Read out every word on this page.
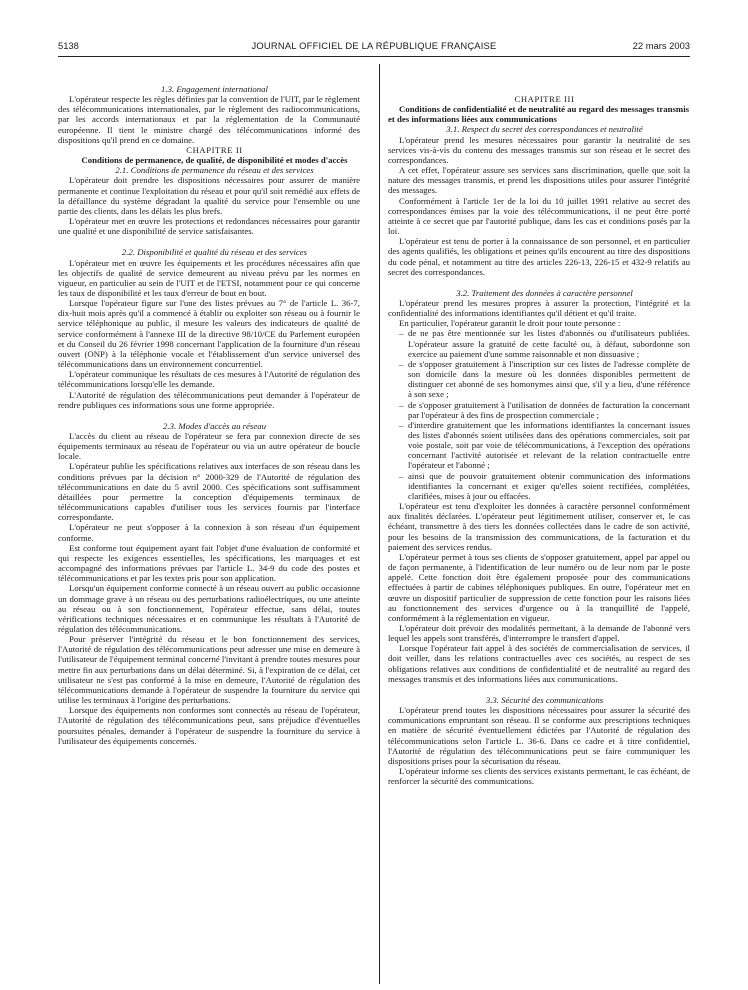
5138	JOURNAL OFFICIEL DE LA RÉPUBLIQUE FRANÇAISE	22 mars 2003

1.3. Engagement international

L'opérateur respecte les règles définies par la convention de l'UIT, par le règlement des télécommunications internationales, par le règlement des radiocommunications, par les accords internationaux et par la réglementation de la Communauté européenne. Il tient le ministre chargé des télécommunications informé des dispositions qu'il prend en ce domaine.

CHAPITRE II

Conditions de permanence, de qualité, de disponibilité et modes d'accès

2.1. Conditions de permanence du réseau et des services

L'opérateur doit prendre les dispositions nécessaires pour assurer de manière permanente et continue l'exploitation du réseau et pour qu'il soit remédié aux effets de la défaillance du système dégradant la qualité du service pour l'ensemble ou une partie des clients, dans les délais les plus brefs.

L'opérateur met en œuvre les protections et redondances nécessaires pour garantir une qualité et une disponibilité de service satisfaisantes.

2.2. Disponibilité et qualité du réseau et des services

L'opérateur met en œuvre les équipements et les procédures nécessaires afin que les objectifs de qualité de service demeurent au niveau prévu par les normes en vigueur, en particulier au sein de l'UIT et de l'ETSI, notamment pour ce qui concerne les taux de disponibilité et les taux d'erreur de bout en bout.

Lorsque l'opérateur figure sur l'une des listes prévues au 7° de l'article L. 36-7, dix-huit mois après qu'il a commencé à établir ou exploiter son réseau ou à fournir le service téléphonique au public, il mesure les valeurs des indicateurs de qualité de service conformément à l'annexe III de la directive 98/10/CE du Parlement européen et du Conseil du 26 février 1998 concernant l'application de la fourniture d'un réseau ouvert (ONP) à la téléphonie vocale et l'établissement d'un service universel des télécommunications dans un environnement concurrentiel.

L'opérateur communique les résultats de ces mesures à l'Autorité de régulation des télécommunications lorsqu'elle les demande.

L'Autorité de régulation des télécommunications peut demander à l'opérateur de rendre publiques ces informations sous une forme appropriée.

2.3. Modes d'accès au réseau

L'accès du client au réseau de l'opérateur se fera par connexion directe de ses équipements terminaux au réseau de l'opérateur ou via un autre opérateur de boucle locale.

L'opérateur publie les spécifications relatives aux interfaces de son réseau dans les conditions prévues par la décision n° 2000-329 de l'Autorité de régulation des télécommunications en date du 5 avril 2000. Ces spécifications sont suffisamment détaillées pour permettre la conception d'équipements terminaux de télécommunications capables d'utiliser tous les services fournis par l'interface correspondante.

L'opérateur ne peut s'opposer à la connexion à son réseau d'un équipement conforme.

Est conforme tout équipement ayant fait l'objet d'une évaluation de conformité et qui respecte les exigences essentielles, les spécifications, les marquages et est accompagné des informations prévues par l'article L. 34-9 du code des postes et télécommunications et par les textes pris pour son application.

Lorsqu'un équipement conforme connecté à un réseau ouvert au public occasionne un dommage grave à un réseau ou des perturbations radioélectriques, ou une atteinte au réseau ou à son fonctionnement, l'opérateur effectue, sans délai, toutes vérifications techniques nécessaires et en communique les résultats à l'Autorité de régulation des télécommunications.

Pour préserver l'intégrité du réseau et le bon fonctionnement des services, l'Autorité de régulation des télécommunications peut adresser une mise en demeure à l'utilisateur de l'équipement terminal concerné l'invitant à prendre toutes mesures pour mettre fin aux perturbations dans un délai déterminé. Si, à l'expiration de ce délai, cet utilisateur ne s'est pas conformé à la mise en demeure, l'Autorité de régulation des télécommunications demande à l'opérateur de suspendre la fourniture du service qui utilise les terminaux à l'origine des perturbations.

Lorsque des équipements non conformes sont connectés au réseau de l'opérateur, l'Autorité de régulation des télécommunications peut, sans préjudice d'éventuelles poursuites pénales, demander à l'opérateur de suspendre la fourniture du service à l'utilisateur des équipements concernés.

CHAPITRE III

Conditions de confidentialité et de neutralité au regard des messages transmis et des informations liées aux communications

3.1. Respect du secret des correspondances et neutralité

L'opérateur prend les mesures nécessaires pour garantir la neutralité de ses services vis-à-vis du contenu des messages transmis sur son réseau et le secret des correspondances.

A cet effet, l'opérateur assure ses services sans discrimination, quelle que soit la nature des messages transmis, et prend les dispositions utiles pour assurer l'intégrité des messages.

Conformément à l'article 1er de la loi du 10 juillet 1991 relative au secret des correspondances émises par la voie des télécommunications, il ne peut être porté atteinte à ce secret que par l'autorité publique, dans les cas et conditions posés par la loi.

L'opérateur est tenu de porter à la connaissance de son personnel, et en particulier des agents qualifiés, les obligations et peines qu'ils encourent au titre des dispositions du code pénal, et notamment au titre des articles 226-13, 226-15 et 432-9 relatifs au secret des correspondances.

3.2. Traitement des données à caractère personnel

L'opérateur prend les mesures propres à assurer la protection, l'intégrité et la confidentialité des informations identifiantes qu'il détient et qu'il traite.

En particulier, l'opérateur garantit le droit pour toute personne :

– de ne pas être mentionnée sur les listes d'abonnés ou d'utilisateurs publiées. L'opérateur assure la gratuité de cette faculté ou, à défaut, subordonne son exercice au paiement d'une somme raisonnable et non dissuasive ;
– de s'opposer gratuitement à l'inscription sur ces listes de l'adresse complète de son domicile dans la mesure où les données disponibles permettent de distinguer cet abonné de ses homonymes ainsi que, s'il y a lieu, d'une référence à son sexe ;
– de s'opposer gratuitement à l'utilisation de données de facturation la concernant par l'opérateur à des fins de prospection commerciale ;
– d'interdire gratuitement que les informations identifiantes la concernant issues des listes d'abonnés soient utilisées dans des opérations commerciales, soit par voie postale, soit par voie de télécommunications, à l'exception des opérations concernant l'activité autorisée et relevant de la relation contractuelle entre l'opérateur et l'abonné ;
– ainsi que de pouvoir gratuitement obtenir communication des informations identifiantes la concernant et exiger qu'elles soient rectifiées, complétées, clarifiées, mises à jour ou effacées.

L'opérateur est tenu d'exploiter les données à caractère personnel conformément aux finalités déclarées. L'opérateur peut légitimement utiliser, conserver et, le cas échéant, transmettre à des tiers les données collectées dans le cadre de son activité, pour les besoins de la transmission des communications, de la facturation et du paiement des services rendus.

L'opérateur permet à tous ses clients de s'opposer gratuitement, appel par appel ou de façon permanente, à l'identification de leur numéro ou de leur nom par le poste appelé. Cette fonction doit être également proposée pour des communications effectuées à partir de cabines téléphoniques publiques. En outre, l'opérateur met en œuvre un dispositif particulier de suppression de cette fonction pour les raisons liées au fonctionnement des services d'urgence ou à la tranquillité de l'appelé, conformément à la réglementation en vigueur.

L'opérateur doit prévoir des modalités permettant, à la demande de l'abonné vers lequel les appels sont transférés, d'interrompre le transfert d'appel.

Lorsque l'opérateur fait appel à des sociétés de commercialisation de services, il doit veiller, dans les relations contractuelles avec ces sociétés, au respect de ses obligations relatives aux conditions de confidentialité et de neutralité au regard des messages transmis et des informations liées aux communications.

3.3. Sécurité des communications

L'opérateur prend toutes les dispositions nécessaires pour assurer la sécurité des communications empruntant son réseau. Il se conforme aux prescriptions techniques en matière de sécurité éventuellement édictées par l'Autorité de régulation des télécommunications selon l'article L. 36-6. Dans ce cadre et à titre confidentiel, l'Autorité de régulation des télécommunications peut se faire communiquer les dispositions prises pour la sécurisation du réseau.

L'opérateur informe ses clients des services existants permettant, le cas échéant, de renforcer la sécurité des communications.
